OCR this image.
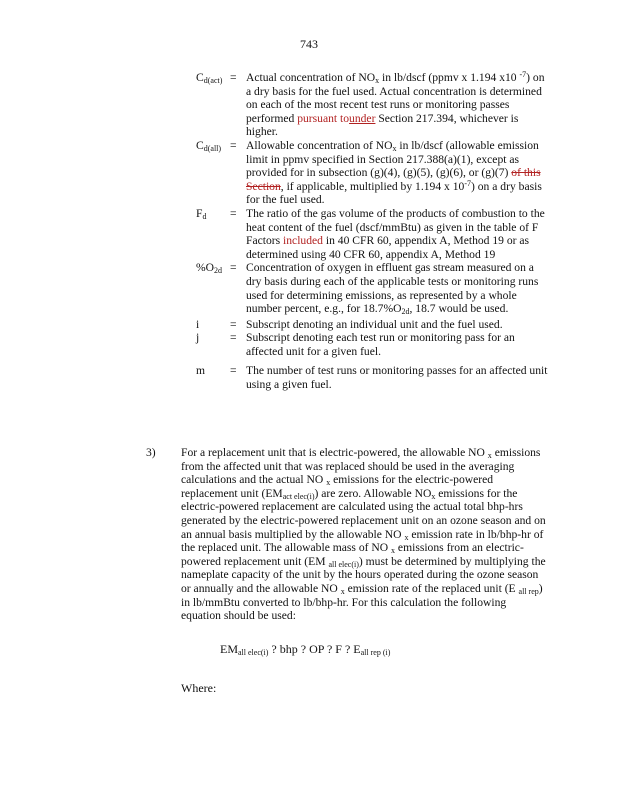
743
$C_{d(act)}$ = Actual concentration of $NO_x$ in lb/dscf (ppmv x 1.194 x10 $^{-7}$) on a dry basis for the fuel used. Actual concentration is determined on each of the most recent test runs or monitoring passes performed pursuant tounder Section 217.394, whichever is higher.
$C_{d(all)}$ = Allowable concentration of $NO_x$ in lb/dscf (allowable emission limit in ppmv specified in Section 217.388(a)(1), except as provided for in subsection (g)(4), (g)(5), (g)(6), or (g)(7) of this Section, if applicable, multiplied by 1.194 x $10^{-7}$) on a dry basis for the fuel used.
$F_d$	= The ratio of the gas volume of the products of combustion to the heat content of the fuel (dscf/mmBtu) as given in the table of F Factors included in 40 CFR 60, appendix A, Method 19 or as determined using 40 CFR 60, appendix A, Method 19
$\%O_{2d}$ = Concentration of oxygen in effluent gas stream measured on a dry basis during each of the applicable tests or monitoring runs used for determining emissions, as represented by a whole number percent, e.g., for $18.7\%O_{2d}$, 18.7 would be used.
i	= Subscript denoting an individual unit and the fuel used.
j	= Subscript denoting each test run or monitoring pass for an affected unit for a given fuel.
m	= The number of test runs or monitoring passes for an affected unit using a given fuel.
3)	For a replacement unit that is electric-powered, the allowable NO $_x$ emissions from the affected unit that was replaced should be used in the averaging calculations and the actual NO $_x$ emissions for the electric-powered replacement unit $(EM_{act elec(i)})$ are zero. Allowable $NO_x$ emissions for the electric-powered replacement are calculated using the actual total bhp-hrs generated by the electric-powered replacement unit on an ozone season and on an annual basis multiplied by the allowable NO $_x$ emission rate in lb/bhp-hr of the replaced unit. The allowable mass of NO $_x$ emissions from an electric-powered replacement unit (EM $_{all elec(i)}$) must be determined by multiplying the nameplate capacity of the unit by the hours operated during the ozone season or annually and the allowable NO $_x$ emission rate of the replaced unit (E $_{all rep}$) in lb/mmBtu converted to lb/bhp-hr. For this calculation the following equation should be used:
$EM_{all elec(i)}$ ? bhp ? OP ? F ? $E_{all rep (i)}$
Where:
